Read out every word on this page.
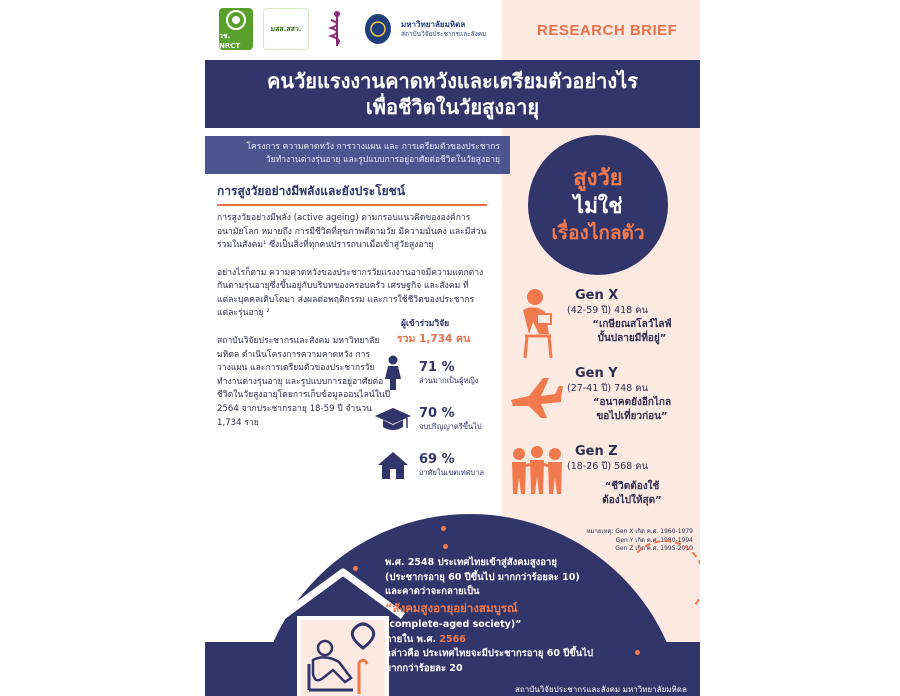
วช. NRCT
มสส.สสว.	มหาวิทยาลัยมหิดล
สถาบันวิจัยประชากรและสังคม	RESEARCH BRIEF
คนวัยแรงงานคาดหวังและเตรียมตัวอย่างไร
เพื่อชีวิตในวัยสูงอายุ
โครงการ ความคาดหวัง การวางแผน และ การเตรียมตัวของประชากร
วัยทำงานต่างรุ่นอายุ และรูปแบบการอยู่อาศัยต่อชีวิตในวัยสูงอายุ
การสูงวัยอย่างมีพลังและยังประโยชน์

การสูงวัยอย่างมีพลัง (active ageing) ตามกรอบแนวคิดขององค์การอนามัยโลก หมายถึง การมีชีวิตที่สุขภาพดีตามวัย มีความมั่นคง และมีส่วนร่วมในสังคม¹ ซึ่งเป็นสิ่งที่ทุกคนปรารถนาเมื่อเข้าสู่วัยสูงอายุ

อย่างไรก็ตาม ความคาดหวังของประชากรวัยแรงงานอาจมีความแตกต่างกันตามรุ่นอายุซึ่งขึ้นอยู่กับบริบทของครอบครัว เศรษฐกิจ และสังคม ที่แต่ละบุคคลเติบโตมา ส่งผลต่อพฤติกรรม และการใช้ชีวิตของประชากรแต่ละรุ่นอายุ ²

สถาบันวิจัยประชากรและสังคม มหาวิทยาลัยมหิดล ดำเนินโครงการความคาดหวัง การวางแผน และการเตรียมตัวของประชากรวัยทำงานต่างรุ่นอายุ และรูปแบบการอยู่อาศัยต่อชีวิตในวัยสูงอายุโดยการเก็บข้อมูลออนไลน์ในปี 2564 จากประชากรอายุ 18-59 ปี จำนวน 1,734 ราย

ผู้เข้าร่วมวิจัย
รวม 1,734 คน
71 %
ส่วนมากเป็นผู้หญิง
70 %
จบปริญญาตรีขึ้นไป
69 %
อาศัยในเขตเทศบาล
สูงวัย
ไม่ใช่
เรื่องไกลตัว
Gen X
(42-59 ปี) 418 คน
“เกษียณสโลว์ไลฟ์
บั้นปลายมีที่อยู่”
Gen Y
(27-41 ปี) 748 คน
“อนาคตยังอีกไกล
ขอไปเที่ยวก่อน”
Gen Z
(18-26 ปี) 568 คน
“ชีวิตต้องใช้
ต้องไปให้สุด”
หมายเหตุ: Gen X เกิด ค.ศ. 1960-1979
Gen Y เกิด ค.ศ. 1980-1994
Gen Z เกิด ค.ศ. 1995-2010
พ.ศ. 2548 ประเทศไทยเข้าสู่สังคมสูงอายุ
(ประชากรอายุ 60 ปีขึ้นไป มากกว่าร้อยละ 10)
และคาดว่าจะกลายเป็น
“สังคมสูงอายุอย่างสมบูรณ์
(complete-aged society)”
ภายใน พ.ศ. 2566
กล่าวคือ ประเทศไทยจะมีประชากรอายุ 60 ปีขึ้นไป
มากกว่าร้อยละ 20
สถาบันวิจัยประชากรและสังคม มหาวิทยาลัยมหิดล
